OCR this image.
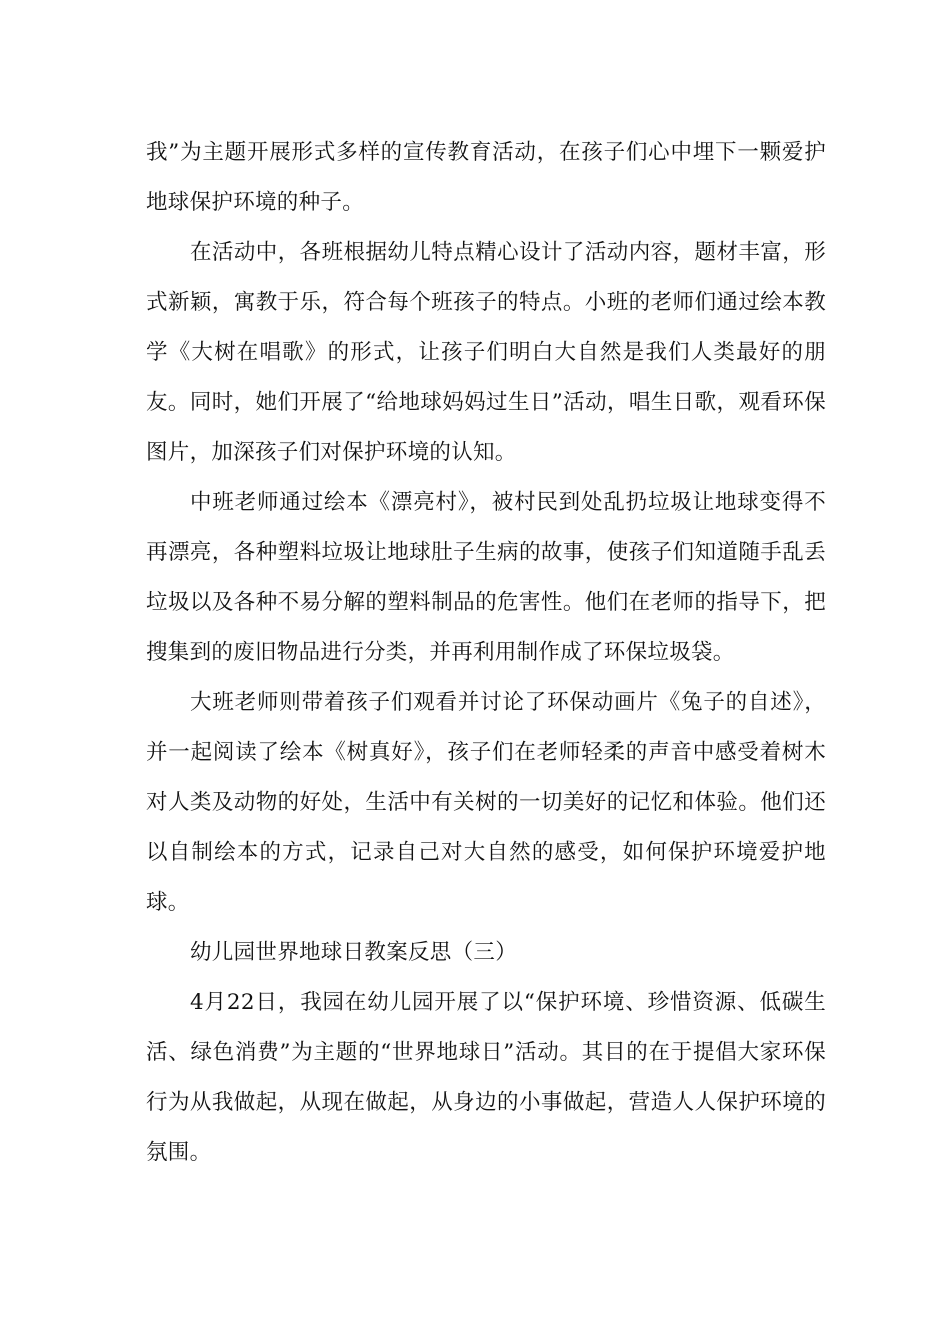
我”为主题开展形式多样的宣传教育活动，在孩子们心中埋下一颗爱护地球保护环境的种子。

在活动中，各班根据幼儿特点精心设计了活动内容，题材丰富，形式新颖，寓教于乐，符合每个班孩子的特点。小班的老师们通过绘本教学《大树在唱歌》的形式，让孩子们明白大自然是我们人类最好的朋友。同时，她们开展了“给地球妈妈过生日”活动，唱生日歌，观看环保图片，加深孩子们对保护环境的认知。

中班老师通过绘本《漂亮村》，被村民到处乱扔垃圾让地球变得不再漂亮，各种塑料垃圾让地球肚子生病的故事，使孩子们知道随手乱丢垃圾以及各种不易分解的塑料制品的危害性。他们在老师的指导下，把搜集到的废旧物品进行分类，并再利用制作成了环保垃圾袋。

大班老师则带着孩子们观看并讨论了环保动画片《兔子的自述》，并一起阅读了绘本《树真好》，孩子们在老师轻柔的声音中感受着树木对人类及动物的好处，生活中有关树的一切美好的记忆和体验。他们还以自制绘本的方式，记录自己对大自然的感受，如何保护环境爱护地球。

幼儿园世界地球日教案反思（三）

4月22日，我园在幼儿园开展了以“保护环境、珍惜资源、低碳生活、绿色消费”为主题的“世界地球日”活动。其目的在于提倡大家环保行为从我做起，从现在做起，从身边的小事做起，营造人人保护环境的氛围。
